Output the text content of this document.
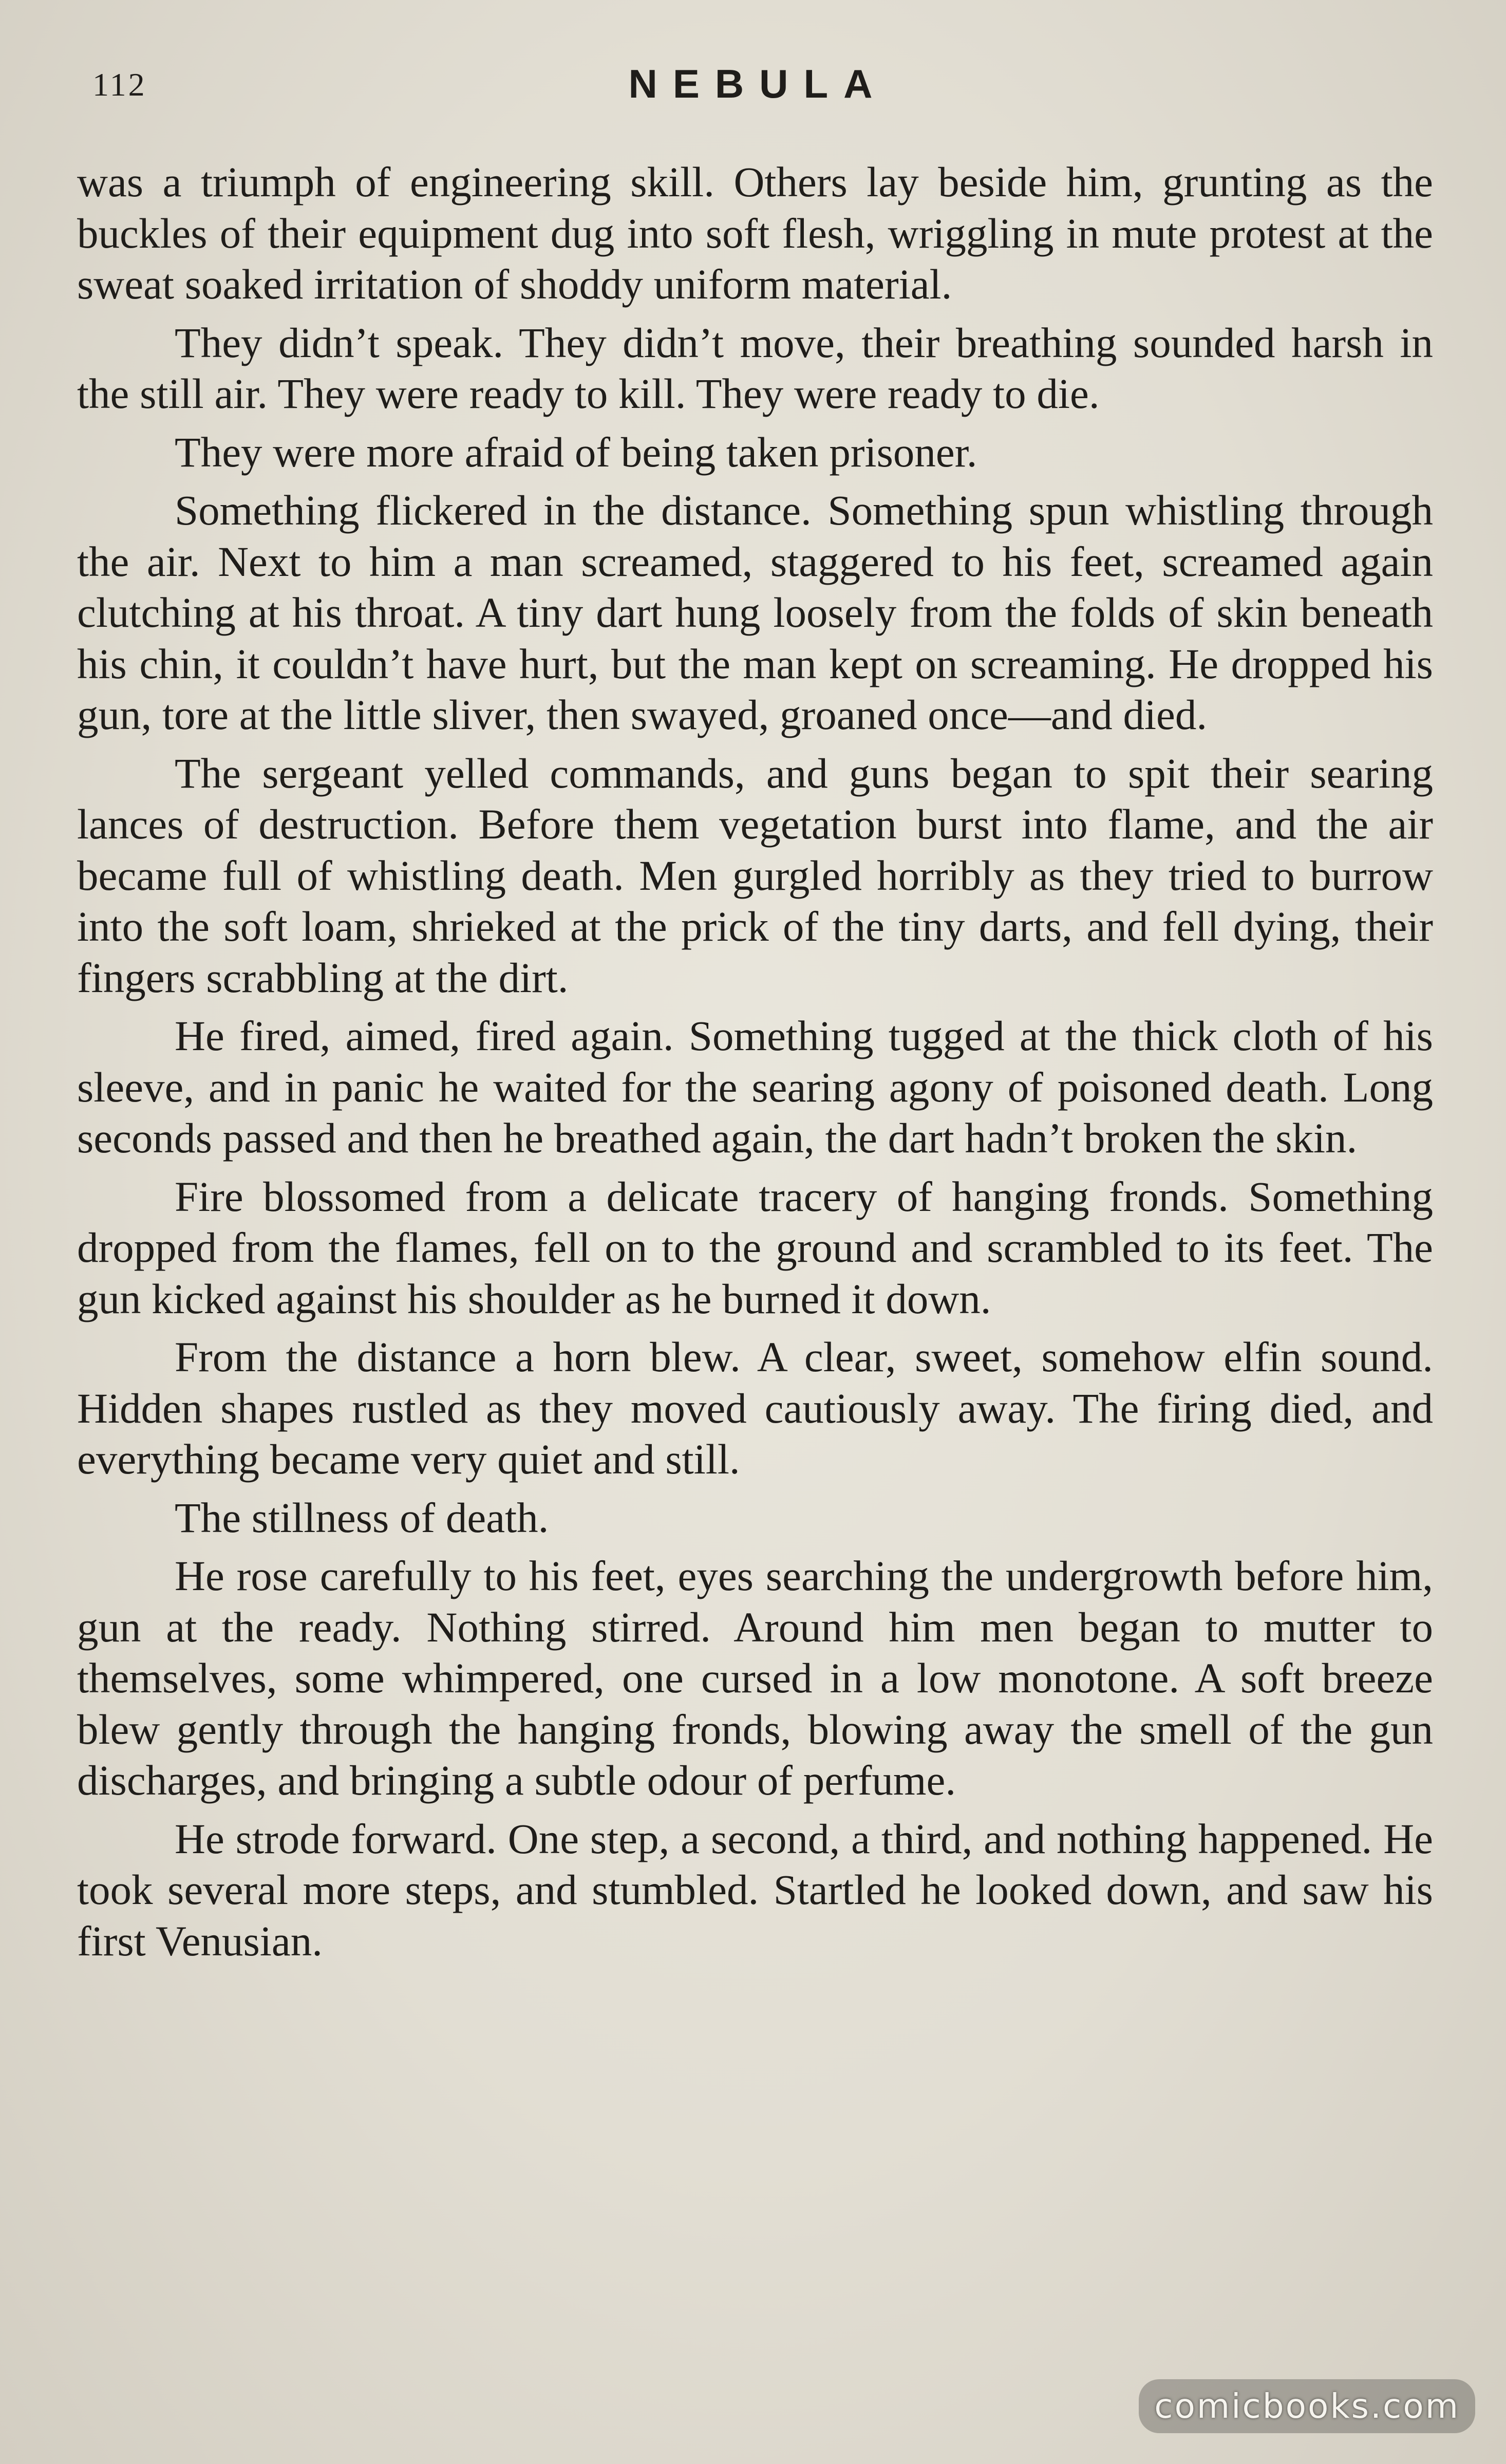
112	NEBULA

was a triumph of engineering skill. Others lay beside him, grunting as the buckles of their equipment dug into soft flesh, wriggling in mute protest at the sweat soaked irritation of shoddy uniform material.

They didn’t speak. They didn’t move, their breathing sounded harsh in the still air. They were ready to kill. They were ready to die.

They were more afraid of being taken prisoner.

Something flickered in the distance. Something spun whistling through the air. Next to him a man screamed, staggered to his feet, screamed again clutching at his throat. A tiny dart hung loosely from the folds of skin beneath his chin, it couldn’t have hurt, but the man kept on screaming. He dropped his gun, tore at the little sliver, then swayed, groaned once—and died.

The sergeant yelled commands, and guns began to spit their searing lances of destruction. Before them vegetation burst into flame, and the air became full of whistling death. Men gurgled horribly as they tried to burrow into the soft loam, shrieked at the prick of the tiny darts, and fell dying, their fingers scrabbling at the dirt.

He fired, aimed, fired again. Something tugged at the thick cloth of his sleeve, and in panic he waited for the searing agony of poisoned death. Long seconds passed and then he breathed again, the dart hadn’t broken the skin.

Fire blossomed from a delicate tracery of hanging fronds. Something dropped from the flames, fell on to the ground and scrambled to its feet. The gun kicked against his shoulder as he burned it down.

From the distance a horn blew. A clear, sweet, somehow elfin sound. Hidden shapes rustled as they moved cautiously away. The firing died, and everything became very quiet and still.

The stillness of death.

He rose carefully to his feet, eyes searching the undergrowth before him, gun at the ready. Nothing stirred. Around him men began to mutter to themselves, some whimpered, one cursed in a low monotone. A soft breeze blew gently through the hanging fronds, blowing away the smell of the gun discharges, and bringing a subtle odour of perfume.

He strode forward. One step, a second, a third, and nothing happened. He took several more steps, and stumbled. Startled he looked down, and saw his first Venusian.

comicbooks.com
